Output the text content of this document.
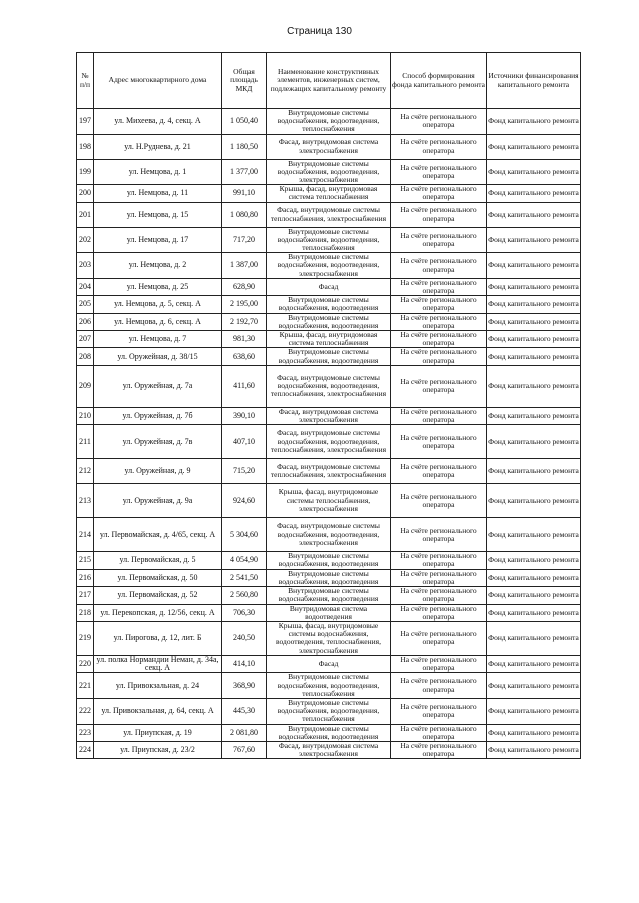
Страница 130
№ п/п	Адрес многоквартирного дома	Общая площадь МКД	Наименование конструктивных элементов, инженерных систем, подлежащих капитальному ремонту	Способ формирования фонда капитального ремонта	Источники финансирования капитального ремонта
197	ул. Михеева, д. 4, секц. А	1 050,40	Внутридомовые системы водоснабжения, водоотведения, теплоснабжения	На счёте регионального оператора	Фонд капитального ремонта
198	ул. Н.Руднева, д. 21	1 180,50	Фасад, внутридомовая система электроснабжения	На счёте регионального оператора	Фонд капитального ремонта
199	ул. Немцова, д. 1	1 377,00	Внутридомовые системы водоснабжения, водоотведения, электроснабжения	На счёте регионального оператора	Фонд капитального ремонта
200	ул. Немцова, д. 11	991,10	Крыша, фасад, внутридомовая система теплоснабжения	На счёте регионального оператора	Фонд капитального ремонта
201	ул. Немцова, д. 15	1 080,80	Фасад, внутридомовые системы теплоснабжения, электроснабжения	На счёте регионального оператора	Фонд капитального ремонта
202	ул. Немцова, д. 17	717,20	Внутридомовые системы водоснабжения, водоотведения, теплоснабжения	На счёте регионального оператора	Фонд капитального ремонта
203	ул. Немцова, д. 2	1 387,00	Внутридомовые системы водоснабжения, водоотведения, электроснабжения	На счёте регионального оператора	Фонд капитального ремонта
204	ул. Немцова, д. 25	628,90	Фасад	На счёте регионального оператора	Фонд капитального ремонта
205	ул. Немцова, д. 5, секц. А	2 195,00	Внутридомовые системы водоснабжения, водоотведения	На счёте регионального оператора	Фонд капитального ремонта
206	ул. Немцова, д. 6, секц. А	2 192,70	Внутридомовые системы водоснабжения, водоотведения	На счёте регионального оператора	Фонд капитального ремонта
207	ул. Немцова, д. 7	981,30	Крыша, фасад, внутридомовая система теплоснабжения	На счёте регионального оператора	Фонд капитального ремонта
208	ул. Оружейная, д. 38/15	638,60	Внутридомовые системы водоснабжения, водоотведения	На счёте регионального оператора	Фонд капитального ремонта
209	ул. Оружейная, д. 7а	411,60	Фасад, внутридомовые системы водоснабжения, водоотведения, теплоснабжения, электроснабжения	На счёте регионального оператора	Фонд капитального ремонта
210	ул. Оружейная, д. 7б	390,10	Фасад, внутридомовая система электроснабжения	На счёте регионального оператора	Фонд капитального ремонта
211	ул. Оружейная, д. 7в	407,10	Фасад, внутридомовые системы водоснабжения, водоотведения, теплоснабжения, электроснабжения	На счёте регионального оператора	Фонд капитального ремонта
212	ул. Оружейная, д. 9	715,20	Фасад, внутридомовые системы теплоснабжения, электроснабжения	На счёте регионального оператора	Фонд капитального ремонта
213	ул. Оружейная, д. 9а	924,60	Крыша, фасад, внутридомовые системы теплоснабжения, электроснабжения	На счёте регионального оператора	Фонд капитального ремонта
214	ул. Первомайская, д. 4/65, секц. А	5 304,60	Фасад, внутридомовые системы водоснабжения, водоотведения, электроснабжения	На счёте регионального оператора	Фонд капитального ремонта
215	ул. Первомайская, д. 5	4 054,90	Внутридомовые системы водоснабжения, водоотведения	На счёте регионального оператора	Фонд капитального ремонта
216	ул. Первомайская, д. 50	2 541,50	Внутридомовые системы водоснабжения, водоотведения	На счёте регионального оператора	Фонд капитального ремонта
217	ул. Первомайская, д. 52	2 560,80	Внутридомовые системы водоснабжения, водоотведения	На счёте регионального оператора	Фонд капитального ремонта
218	ул. Перекопская, д. 12/56, секц. А	706,30	Внутридомовая система водоотведения	На счёте регионального оператора	Фонд капитального ремонта
219	ул. Пирогова, д. 12, лит. Б	240,50	Крыша, фасад, внутридомовые системы водоснабжения, водоотведения, теплоснабжения, электроснабжения	На счёте регионального оператора	Фонд капитального ремонта
220	ул. полка Нормандии Неман, д. 34а, секц. А	414,10	Фасад	На счёте регионального оператора	Фонд капитального ремонта
221	ул. Привокзальная, д. 24	368,90	Внутридомовые системы водоснабжения, водоотведения, теплоснабжения	На счёте регионального оператора	Фонд капитального ремонта
222	ул. Привокзальная, д. 64, секц. А	445,30	Внутридомовые системы водоснабжения, водоотведения, теплоснабжения	На счёте регионального оператора	Фонд капитального ремонта
223	ул. Приупская, д. 19	2 081,80	Внутридомовые системы водоснабжения, водоотведения	На счёте регионального оператора	Фонд капитального ремонта
224	ул. Приупская, д. 23/2	767,60	Фасад, внутридомовая система электроснабжения	На счёте регионального оператора	Фонд капитального ремонта
